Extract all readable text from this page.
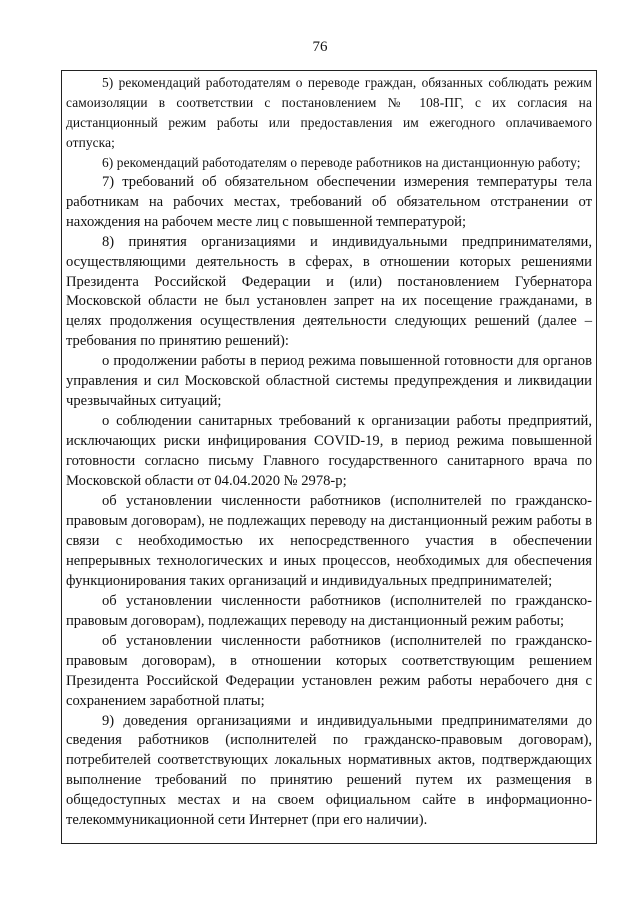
76

5) рекомендаций работодателям о переводе граждан, обязанных соблюдать режим самоизоляции в соответствии с постановлением № 108-ПГ, с их согласия на дистанционный режим работы или предоставления им ежегодного оплачиваемого отпуска;

6) рекомендаций работодателям о переводе работников на дистанционную работу;

7) требований об обязательном обеспечении измерения температуры тела работникам на рабочих местах, требований об обязательном отстранении от нахождения на рабочем месте лиц с повышенной температурой;

8) принятия организациями и индивидуальными предпринимателями, осуществляющими деятельность в сферах, в отношении которых решениями Президента Российской Федерации и (или) постановлением Губернатора Московской области не был установлен запрет на их посещение гражданами, в целях продолжения осуществления деятельности следующих решений (далее – требования по принятию решений):

о продолжении работы в период режима повышенной готовности для органов управления и сил Московской областной системы предупреждения и ликвидации чрезвычайных ситуаций;

о соблюдении санитарных требований к организации работы предприятий, исключающих риски инфицирования COVID-19, в период режима повышенной готовности согласно письму Главного государственного санитарного врача по Московской области от 04.04.2020 № 2978-р;

об установлении численности работников (исполнителей по гражданско-правовым договорам), не подлежащих переводу на дистанционный режим работы в связи с необходимостью их непосредственного участия в обеспечении непрерывных технологических и иных процессов, необходимых для обеспечения функционирования таких организаций и индивидуальных предпринимателей;

об установлении численности работников (исполнителей по гражданско-правовым договорам), подлежащих переводу на дистанционный режим работы;

об установлении численности работников (исполнителей по гражданско-правовым договорам), в отношении которых соответствующим решением Президента Российской Федерации установлен режим работы нерабочего дня с сохранением заработной платы;

9) доведения организациями и индивидуальными предпринимателями до сведения работников (исполнителей по гражданско-правовым договорам), потребителей соответствующих локальных нормативных актов, подтверждающих выполнение требований по принятию решений путем их размещения в общедоступных местах и на своем официальном сайте в информационно-телекоммуникационной сети Интернет (при его наличии).
